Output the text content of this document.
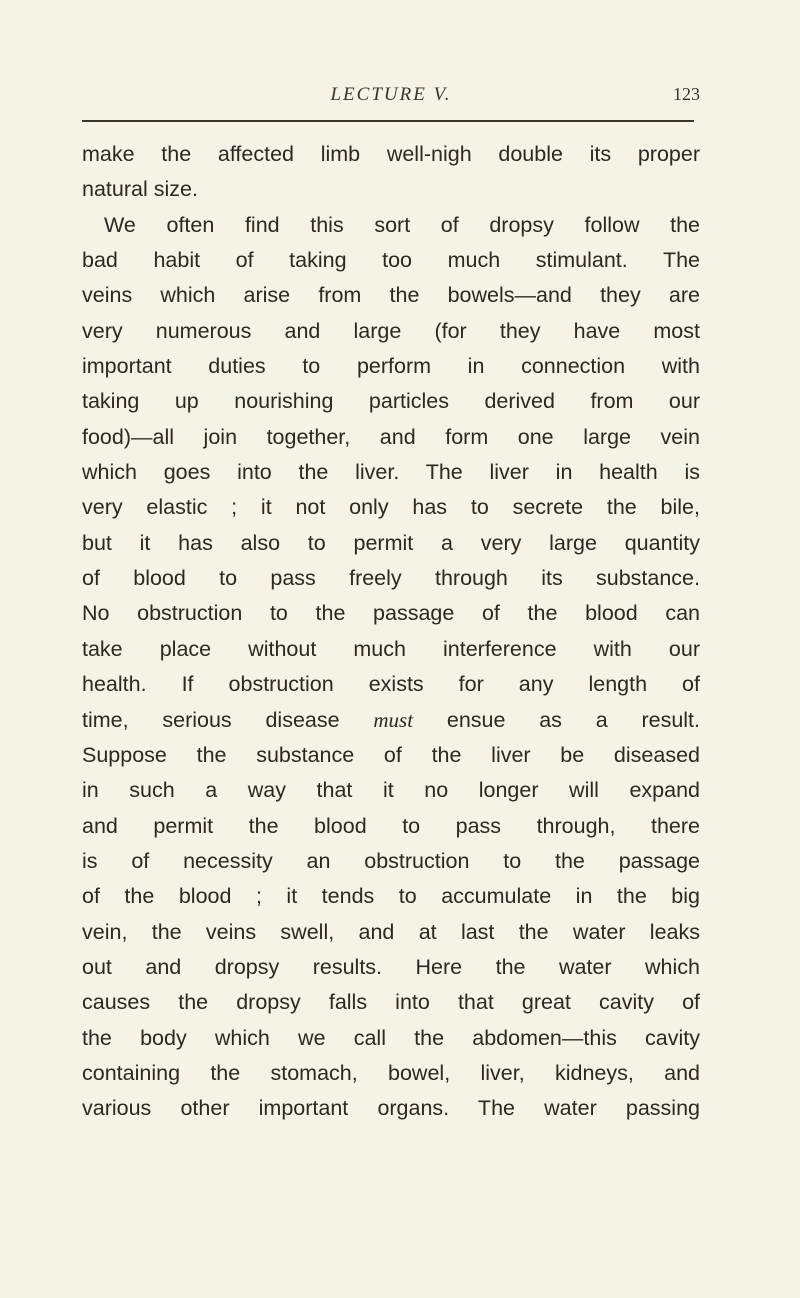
LECTURE V.	123
make the affected limb well-nigh double its proper
natural size.
We often find this sort of dropsy follow the
bad habit of taking too much stimulant. The
veins which arise from the bowels—and they are
very numerous and large (for they have most
important duties to perform in connection with
taking up nourishing particles derived from our
food)—all join together, and form one large vein
which goes into the liver. The liver in health is
very elastic ; it not only has to secrete the bile,
but it has also to permit a very large quantity
of blood to pass freely through its substance.
No obstruction to the passage of the blood can
take place without much interference with our
health. If obstruction exists for any length of
time, serious disease must ensue as a result.
Suppose the substance of the liver be diseased
in such a way that it no longer will expand
and permit the blood to pass through, there
is of necessity an obstruction to the passage
of the blood ; it tends to accumulate in the big
vein, the veins swell, and at last the water leaks
out and dropsy results. Here the water which
causes the dropsy falls into that great cavity of
the body which we call the abdomen—this cavity
containing the stomach, bowel, liver, kidneys, and
various other important organs. The water passing
